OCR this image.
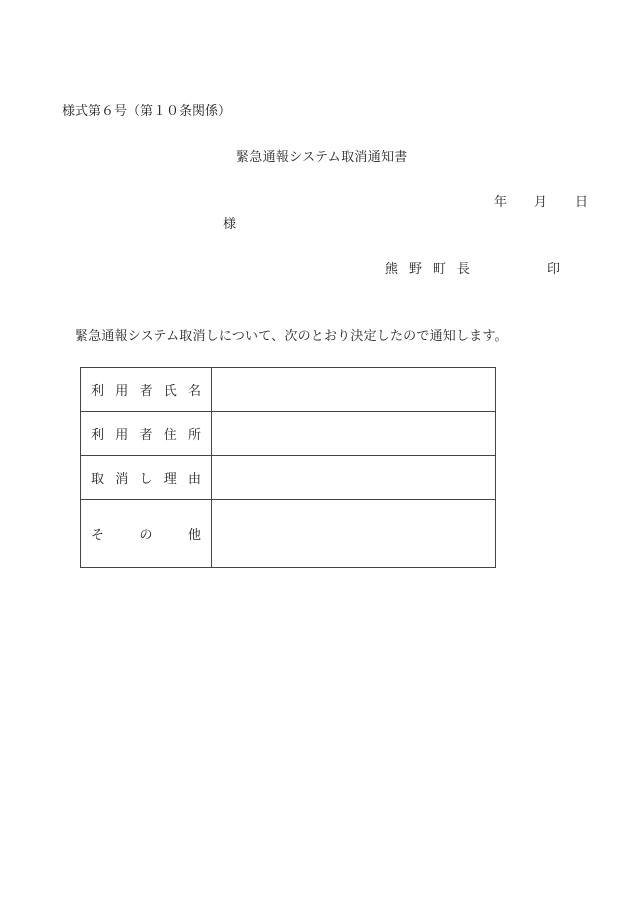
様式第６号（第１０条関係）
緊急通報システム取消通知書
年	月	日
様
熊野町長	印
緊急通報システム取消しについて、次のとおり決定したので通知します。
利 用 者 氏 名	

利 用 者 住 所	

取 消 し 理 由	

そ の 他	
